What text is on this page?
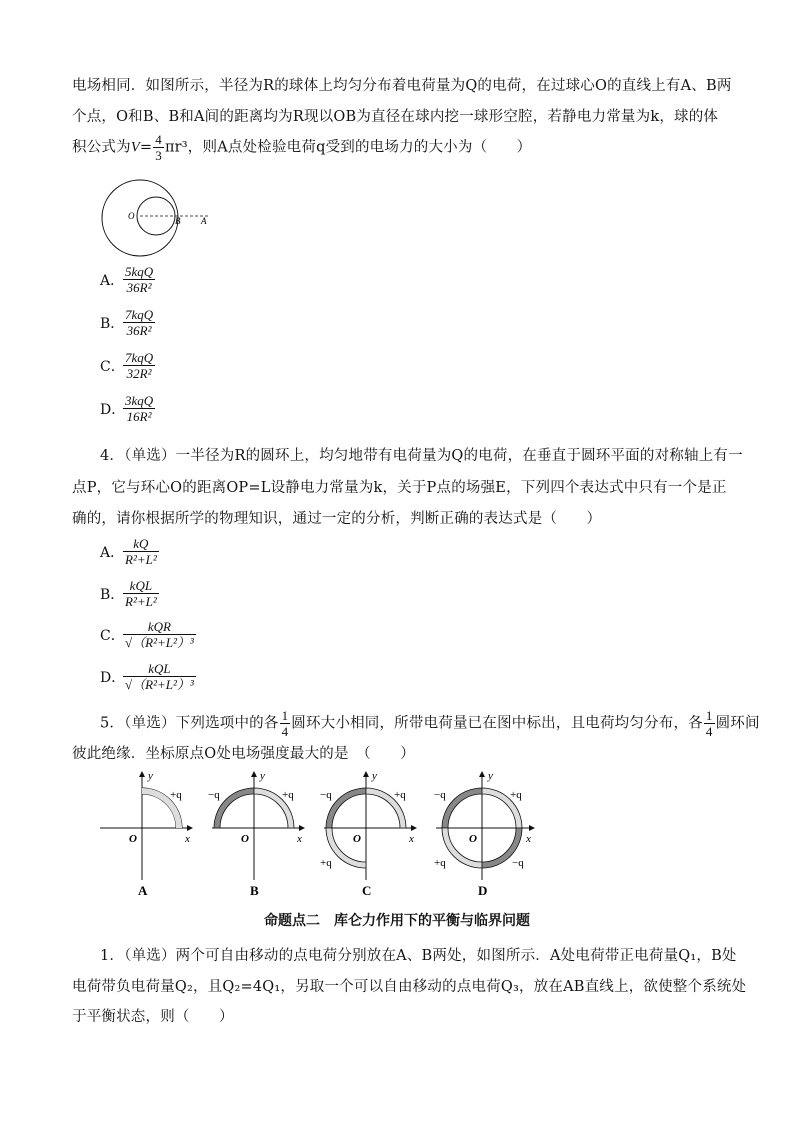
电场相同．如图所示，半径为R的球体上均匀分布着电荷量为Q的电荷，在过球心O的直线上有A、B两
个点，O和B、B和A间的距离均为R现以OB为直径在球内挖一球形空腔，若静电力常量为k，球的体
积公式为$V= \frac{4}{3} \pi r^3$，则A点处检验电荷q受到的电场力的大小为（　　）
O	B A
A．
$\frac{\text{5kqQ}}{\text{36R²}}$
B．
$\frac{\text{7kqQ}}{\text{36R²}}$
C．
$\frac{\text{7kqQ}}{\text{32R²}}$
D．
$\frac{\text{3kqQ}}{\text{16R²}}$
4．（单选）一半径为R的圆环上，均匀地带有电荷量为Q的电荷，在垂直于圆环平面的对称轴上有一
点P，它与环心O的距离OP=L设静电力常量为k，关于P点的场强E，下列四个表达式中只有一个是正
确的，请你根据所学的物理知识，通过一定的分析，判断正确的表达式是（　　）
A．
$\frac{kQ}{\text{R²+L²}}$
B．
$\frac{\text{kQL}}{\text{R²+L²}}$
C．
$\frac{\text{kQR}}{\text{√（R²+L²）³}}$
D．
$\frac{\text{kQL}}{\text{√（R²+L²）³}}$
5．（单选）下列选项中的各 $\frac{1}{4}$ 圆环大小相同，所带电荷量已在图中标出，且电荷均匀分布，各 $\frac{1}{4}$ 圆环间
彼此绝缘．坐标原点O处电场强度最大的是　（　　）
y
+q
O	x
A
y
−q	+q
O	x
B
y
−q	+q
O	x
+q
C
y
−q	+q
O	x
+q	−q
D
命题点二　库仑力作用下的平衡与临界问题
1．（单选）两个可自由移动的点电荷分别放在A、B两处，如图所示．A处电荷带正电荷量Q₁，B处
电荷带负电荷量Q₂，且Q₂=4Q₁，另取一个可以自由移动的点电荷Q₃，放在AB直线上，欲使整个系统处
于平衡状态，则（　　）
